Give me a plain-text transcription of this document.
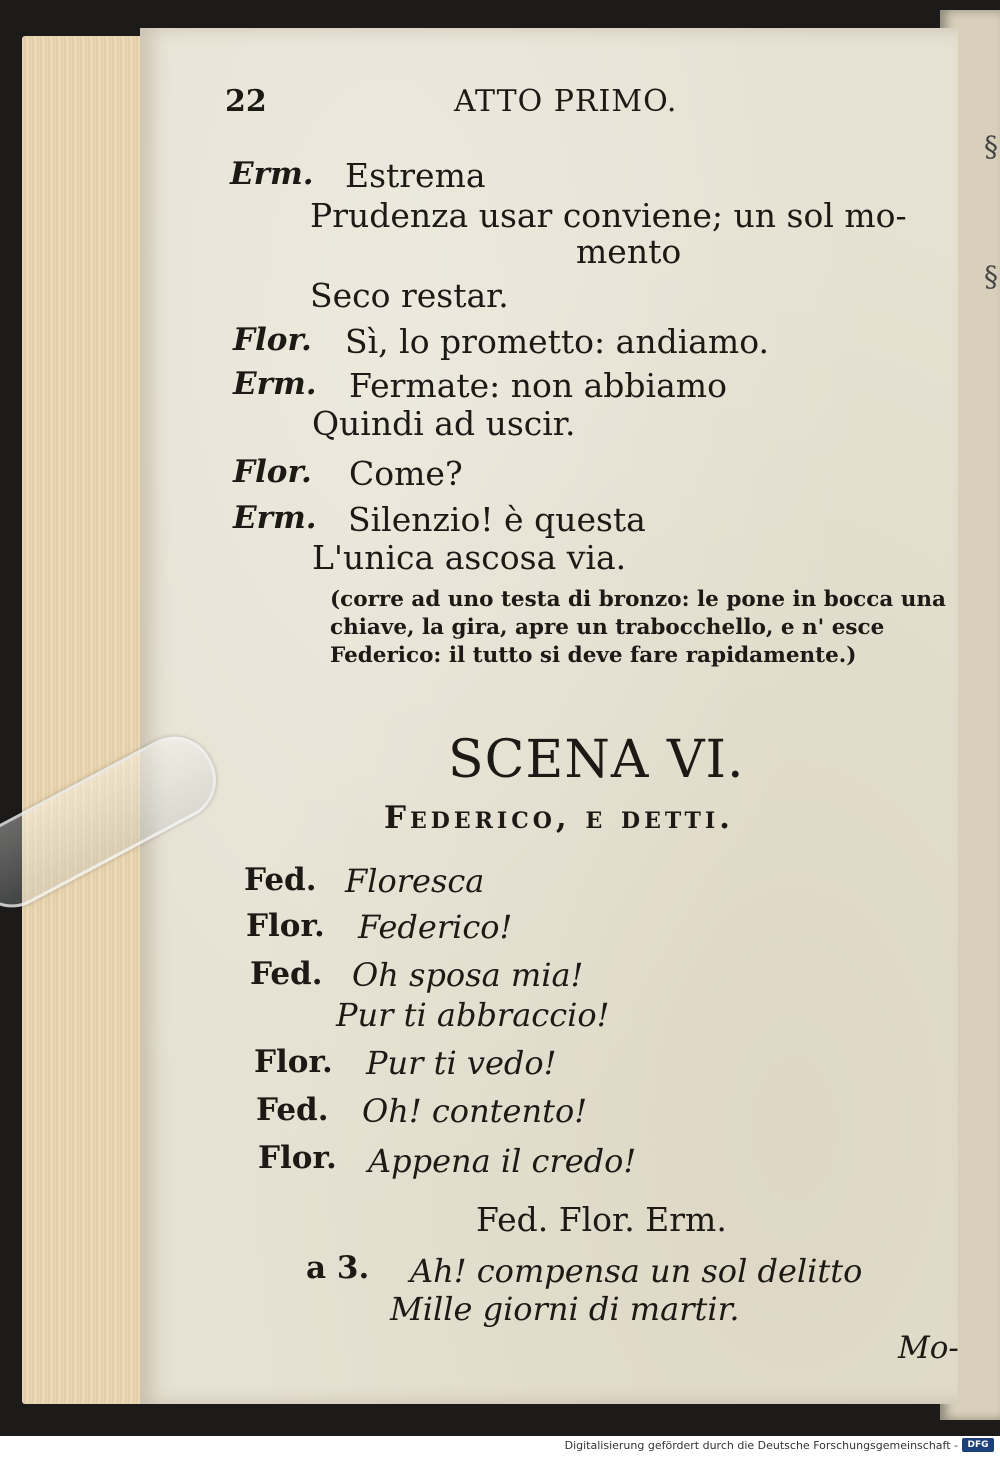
§
§
22	ATTO PRIMO.
Erm. Estrema
Prudenza usar conviene; un sol mo-
mento
Seco restar.
Flor. Sì, lo prometto: andiamo.
Erm. Fermate: non abbiamo
Quindi ad uscir.
Flor. Come?
Erm. Silenzio! è questa
L'unica ascosa via.
(corre ad uno testa di bronzo: le pone in bocca una chiave, la gira, apre un trabocchello, e n' esce Federico: il tutto si deve fare rapidamente.)
SCENA VI.
Federico, e detti.
Fed. Floresca
Flor. Federico!
Fed. Oh sposa mia!
Pur ti abbraccio!
Flor. Pur ti vedo!
Fed. Oh! contento!
Flor. Appena il credo!
Fed. Flor. Erm.
a 3. Ah! compensa un sol delitto
Mille giorni di martir.
Mo-
Digitalisierung gefördert durch die Deutsche Forschungsgemeinschaft -	DFG
